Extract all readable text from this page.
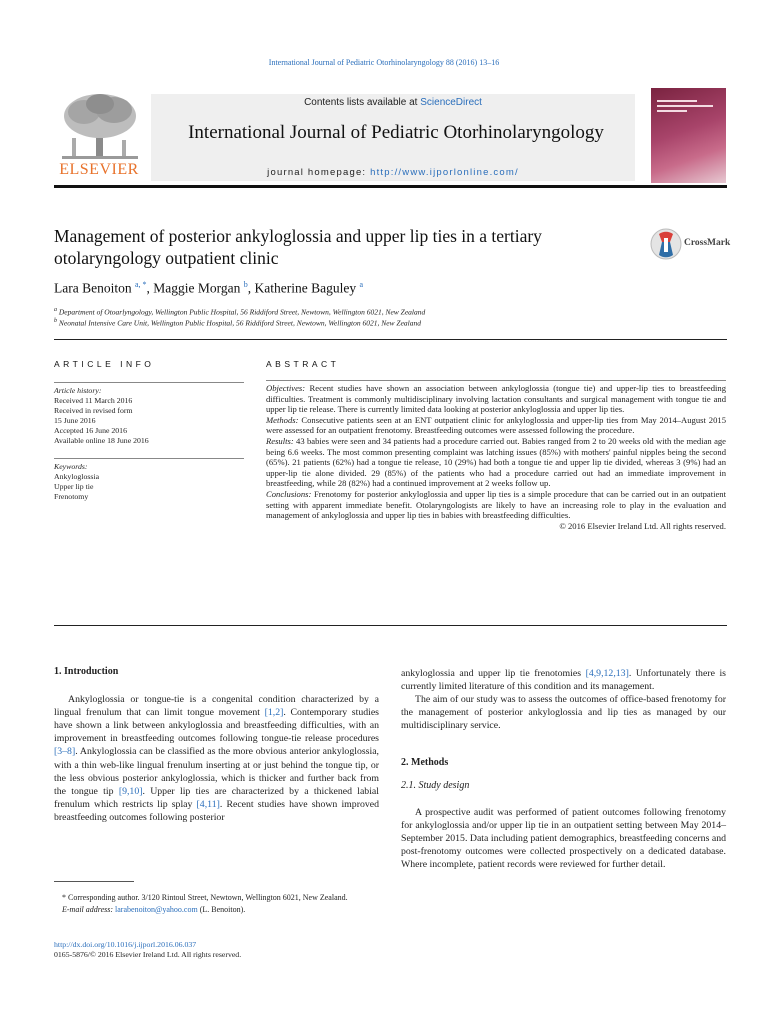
International Journal of Pediatric Otorhinolaryngology 88 (2016) 13–16
ELSEVIER
Contents lists available at ScienceDirect
International Journal of Pediatric Otorhinolaryngology
journal homepage: http://www.ijporlonline.com/
Management of posterior ankyloglossia and upper lip ties in a tertiary otolaryngology outpatient clinic
CrossMark
Lara Benoiton $^{a, *}$, Maggie Morgan $^b$, Katherine Baguley $^a$
$^a$ Department of Otoarlyngology, Wellington Public Hospital, 56 Riddiford Street, Newtown, Wellington 6021, New Zealand
$^b$ Neonatal Intensive Care Unit, Wellington Public Hospital, 56 Riddiford Street, Newtown, Wellington 6021, New Zealand
ARTICLE INFO	ABSTRACT
Article history:
Received 11 March 2016
Received in revised form
15 June 2016
Accepted 16 June 2016
Available online 18 June 2016
Keywords:
Ankyloglossia
Upper lip tie
Frenotomy
Objectives: Recent studies have shown an association between ankyloglossia (tongue tie) and upper-lip ties to breastfeeding difficulties. Treatment is commonly multidisciplinary involving lactation consultants and surgical management with tongue tie and upper lip tie release. There is currently limited data looking at posterior ankyloglossia and upper lip ties.
Methods: Consecutive patients seen at an ENT outpatient clinic for ankyloglossia and upper-lip ties from May 2014–August 2015 were assessed for an outpatient frenotomy. Breastfeeding outcomes were assessed following the procedure.
Results: 43 babies were seen and 34 patients had a procedure carried out. Babies ranged from 2 to 20 weeks old with the median age being 6.6 weeks. The most common presenting complaint was latching issues (85%) with mothers' painful nipples being the second (65%). 21 patients (62%) had a tongue tie release, 10 (29%) had both a tongue tie and upper lip tie divided, whereas 3 (9%) had an upper-lip tie alone divided. 29 (85%) of the patients who had a procedure carried out had an immediate improvement in breastfeeding, while 28 (82%) had a continued improvement at 2 weeks follow up.
Conclusions: Frenotomy for posterior ankyloglossia and upper lip ties is a simple procedure that can be carried out in an outpatient setting with apparent immediate benefit. Otolaryngologists are likely to have an increasing role to play in the evaluation and management of ankyloglossia and upper lip ties in babies with breastfeeding difficulties.
© 2016 Elsevier Ireland Ltd. All rights reserved.
1. Introduction

Ankyloglossia or tongue-tie is a congenital condition characterized by a lingual frenulum that can limit tongue movement [1,2]. Contemporary studies have shown a link between ankyloglossia and breastfeeding difficulties, with an improvement in breastfeeding outcomes following tongue-tie release procedures [3–8]. Ankyloglossia can be classified as the more obvious anterior ankyloglossia, with a thin web-like lingual frenulum inserting at or just behind the tongue tip, or the less obvious posterior ankyloglossia, which is thicker and further back from the tongue tip [9,10]. Upper lip ties are characterized by a thickened labial frenulum which restricts lip splay [4,11]. Recent studies have shown improved breastfeeding outcomes following posterior

ankyloglossia and upper lip tie frenotomies [4,9,12,13]. Unfortunately there is currently limited literature of this condition and its management.

The aim of our study was to assess the outcomes of office-based frenotomy for the management of posterior ankyloglossia and lip ties as managed by our multidisciplinary service.

2. Methods
2.1. Study design

A prospective audit was performed of patient outcomes following frenotomy for ankyloglossia and/or upper lip tie in an outpatient setting between May 2014–September 2015. Data including patient demographics, breastfeeding concerns and post-frenotomy outcomes were collected prospectively on a dedicated database. Where incomplete, patient records were reviewed for further detail.

* Corresponding author. 3/120 Rintoul Street, Newtown, Wellington 6021, New Zealand.
E-mail address: larabenoiton@yahoo.com (L. Benoiton).
http://dx.doi.org/10.1016/j.ijporl.2016.06.037
0165-5876/© 2016 Elsevier Ireland Ltd. All rights reserved.
